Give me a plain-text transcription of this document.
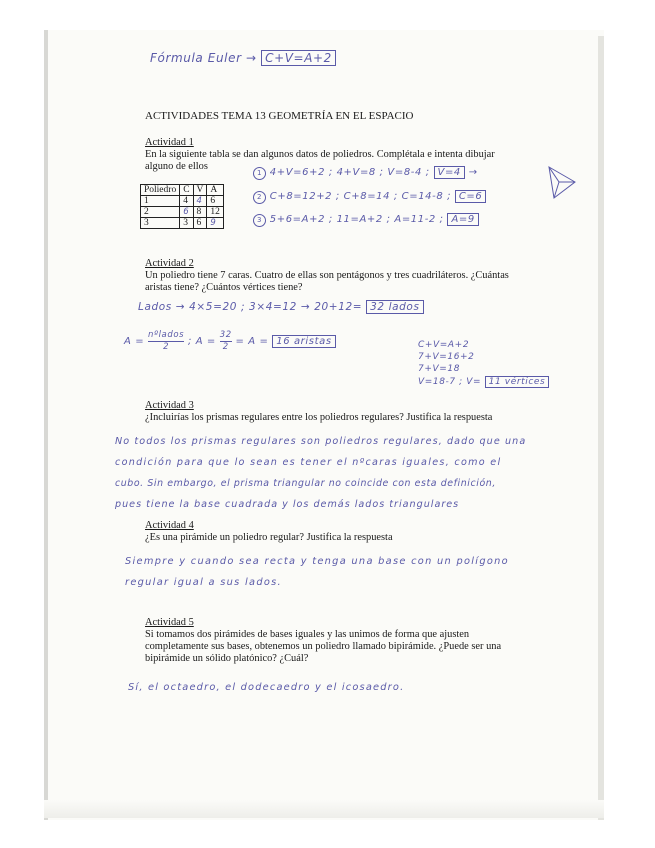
Fórmula Euler → C+V=A+2
ACTIVIDADES TEMA 13 GEOMETRÍA EN EL ESPACIO
Actividad 1
En la siguiente tabla se dan algunos datos de poliedros. Complétala e intenta dibujar
alguno de ellos
Poliedro	C	V	A
1	4	4	6
2	6	8	12
3	3	6	9
1 4+V=6+2 ; 4+V=8 ; V=8-4 ; V=4 →
2 C+8=12+2 ; C+8=14 ; C=14-8 ; C=6
3 5+6=A+2 ; 11=A+2 ; A=11-2 ; A=9
Actividad 2
Un poliedro tiene 7 caras. Cuatro de ellas son pentágonos y tres cuadriláteros. ¿Cuántas
aristas tiene? ¿Cuántos vértices tiene?
Lados → 4×5=20 ; 3×4=12 → 20+12= 32 lados
A =
nºlados
2	; $A = \frac{32}{2} = A = 16$ aristas	C+V=A+2
7+V=16+2
7+V=18
V=18-7 ; V= 11 vértices
Actividad 3
¿Incluirías los prismas regulares entre los poliedros regulares? Justifica la respuesta
No todos los prismas regulares son poliedros regulares, dado que una
condición para que lo sean es tener el nºcaras iguales, como el
cubo. Sin embargo, el prisma triangular no coincide con esta definición,
pues tiene la base cuadrada y los demás lados triangulares
Actividad 4
¿Es una pirámide un poliedro regular? Justifica la respuesta
Siempre y cuando sea recta y tenga una base con un polígono
regular igual a sus lados.
Actividad 5
Si tomamos dos pirámides de bases iguales y las unimos de forma que ajusten
completamente sus bases, obtenemos un poliedro llamado bipirámide. ¿Puede ser una
bipirámide un sólido platónico? ¿Cuál?
Sí, el octaedro, el dodecaedro y el icosaedro.
